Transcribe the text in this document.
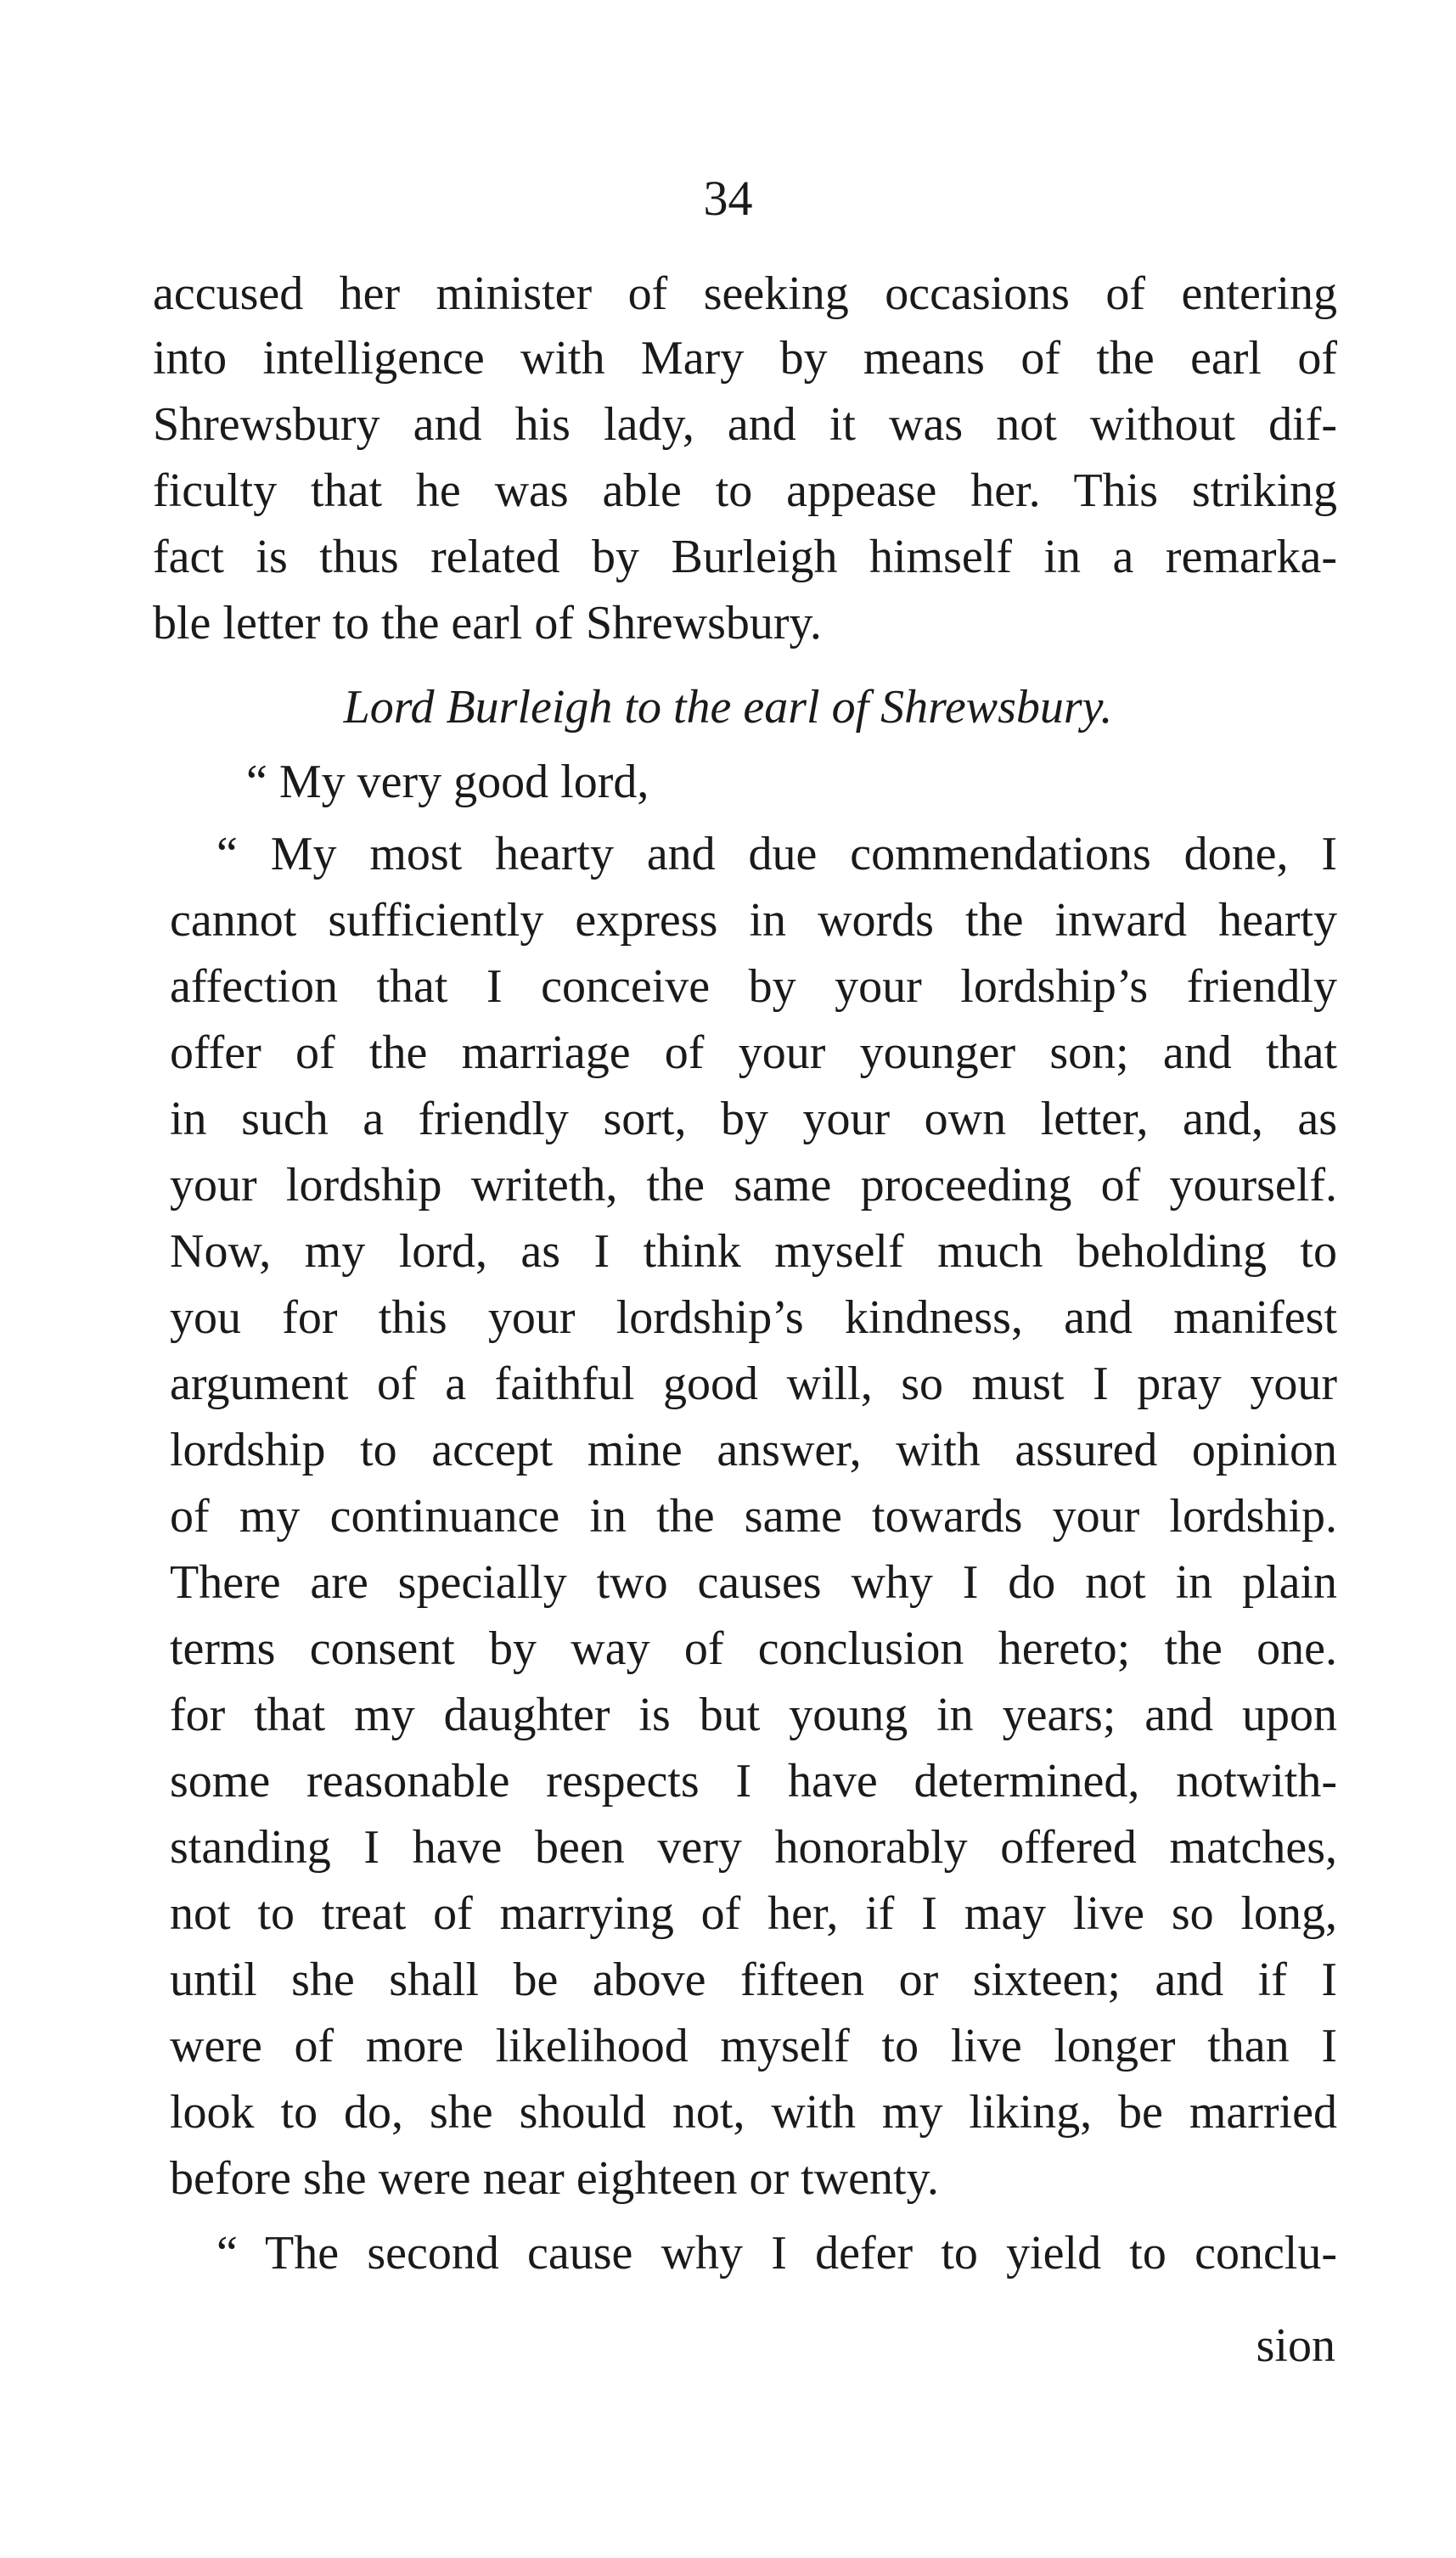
34
accused her minister of seeking occasions of entering
into intelligence with Mary by means of the earl of
Shrewsbury and his lady, and it was not without dif-
ficulty that he was able to appease her. This striking
fact is thus related by Burleigh himself in a remarka-
ble letter to the earl of Shrewsbury.
Lord Burleigh to the earl of Shrewsbury.
“ My very good lord,
“ My most hearty and due commendations done, I
cannot sufficiently express in words the inward hearty
affection that I conceive by your lordship’s friendly
offer of the marriage of your younger son; and that
in such a friendly sort, by your own letter, and, as
your lordship writeth, the same proceeding of yourself.
Now, my lord, as I think myself much beholding to
you for this your lordship’s kindness, and manifest
argument of a faithful good will, so must I pray your
lordship to accept mine answer, with assured opinion
of my continuance in the same towards your lordship.
There are specially two causes why I do not in plain
terms consent by way of conclusion hereto; the one.
for that my daughter is but young in years; and upon
some reasonable respects I have determined, notwith-
standing I have been very honorably offered matches,
not to treat of marrying of her, if I may live so long,
until she shall be above fifteen or sixteen; and if I
were of more likelihood myself to live longer than I
look to do, she should not, with my liking, be married
before she were near eighteen or twenty.
“ The second cause why I defer to yield to conclu-
sion
